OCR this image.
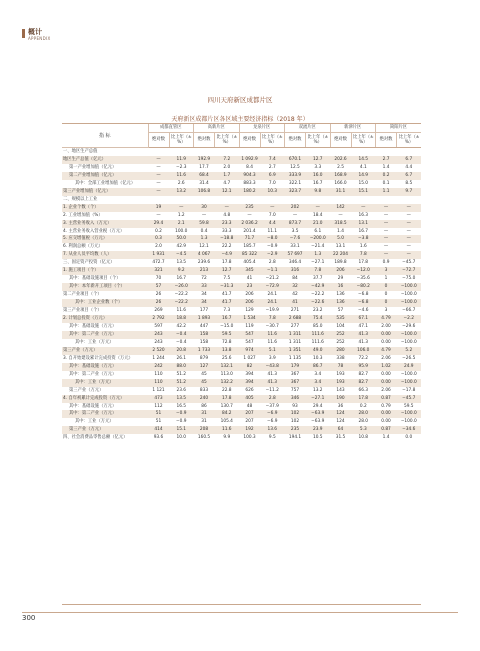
概计
APPENDIX
四川天府新区成都片区
天府新区成都片区各区域主要经济指标（2018 年）
指 标	成都直管区		高新片区		龙泉片区		双流片区		新津片区		简阳片区	
	绝对数	比上年（±%）	绝对数	比上年（±%）	绝对数	比上年（±%）	绝对数	比上年（±%）	绝对数	比上年（±%）	绝对数	比上年（±%）
一、地区生产总值												
地区生产总值（亿元）	—	11.9	192.9	7.2	1 092.9	7.4	670.1	12.7	202.6	14.5	2.7	6.7
第一产业增加值（亿元）	—	−2.3	17.7	2.0	8.4	2.7	12.5	3.3	2.5	4.1	1.4	4.4
第二产业增加值（亿元）	—	11.6	68.4	1.7	904.3	6.9	333.9	16.0	168.9	14.9	0.2	6.7
其中：全部工业增加值（亿元）	—	2.6	31.4	4.7	883.3	7.0	322.1	16.7	166.0	15.0	0.1	8.5
第三产业增加值（亿元）	—	13.2	106.8	12.1	180.2	10.3	323.7	9.8	31.1	15.1	1.1	9.7
二、规模以上工业												
1. 企业个数（个）	19	—	30	—	235	—	202	—	142	—	—	—
2. 工业增加值（%）	—	1.2	—	4.8	—	7.0	—	18.4	—	16.3	—	—
3. 主营业务收入（万元）	29.4	2.1	59.8	23.3	2 036.2	4.4	873.7	21.0	318.5	13.1	—	—
4. 主营业务收入营业税（万元）	0.2	100.0	0.4	33.3	201.4	11.1	3.5	6.1	1.4	16.7	—	—
5. 应交增值税（万元）	0.3	50.0	1.3	−18.8	71.7	−8.0	−7.6	−200.0	5.0	−3.8	—	—
6. 利润总额（万元）	2.0	42.9	12.1	22.2	185.7	−0.9	33.1	−21.4	13.1	1.6	—	—
7. 从业人员平均数（人）	1 931	−4.5	4 067	−4.9	85 322	−2.9	57 697	1.3	22 204	7.8	—	—
三、固定资产投资（亿元）	472.7	13.5	239.6	17.8	405.4	2.8	346.4	−27.1	189.8	17.8	0.9	−45.7
1. 施工项目（个）	321	9.2	213	12.7	345	−1.1	316	7.8	206	−12.0	3	−72.7
其中：基础设施项目（个）	70	16.7	72	7.5	41	−21.2	84	37.7	29	−35.6	1	−75.0
其中：本年新开工项目（个）	57	−26.0	33	−31.3	23	−72.9	32	−42.9	16	−80.2	0	−100.0
第二产业项目（个）	26	−22.2	34	41.7	206	24.1	42	−22.2	136	−6.8	0	−100.0
其中：工业企业数（个）	26	−22.2	34	41.7	206	24.1	41	−22.6	136	−6.8	0	−100.0
第三产业项目（个）	269	11.6	177	7.3	129	−19.9	271	23.2	57	−4.6	3	−66.7
2. 计划总投资（万元）	2 792	18.8	1 893	16.7	1 534	7.8	2 688	75.4	535	67.1	4.79	−2.2
其中：基础设施（万元）	597	42.2	447	−15.0	119	−30.7	277	85.0	104	47.1	2.00	−29.6
其中：第二产业（万元）	243	−0.4	158	59.5	547	11.6	1 311	111.6	252	41.3	0.00	−100.0
其中：工业（万元）	243	−0.4	158	72.8	547	11.6	1 311	111.6	252	41.3	0.00	−100.0
第三产业（万元）	2 520	20.8	1 733	13.8	974	5.1	1 351	49.0	280	106.0	4.79	5.2
3. 自开始建设累计完成投资（万元）	1 244	26.1	879	25.6	1 027	3.9	1 135	10.3	338	72.2	2.06	−26.5
其中：基础设施（万元）	242	88.0	127	132.1	82	−43.8	179	86.7	78	95.9	1.02	24.9
其中：第二产业（万元）	110	51.2	45	113.0	394	41.3	367	3.4	193	82.7	0.00	−100.0
其中：工业（万元）	110	51.2	45	132.2	394	41.3	367	3.4	193	82.7	0.00	−100.0
第三产业（万元）	1 121	23.6	833	22.8	626	−11.2	757	13.2	143	66.3	2.06	−17.8
4. 自年初累计完成投资（万元）	473	13.5	240	17.8	405	2.8	346	−27.1	190	17.8	0.87	−45.7
其中：基础设施（万元）	112	16.5	86	130.7	48	−37.9	93	29.4	36	0.2	0.79	59.5
其中：第二产业（万元）	51	−0.9	31	84.2	207	−6.9	102	−63.9	124	28.0	0.00	−100.0
其中：工业（万元）	51	−0.9	31	105.4	207	−6.9	102	−63.9	124	28.0	0.00	−100.0
第三产业（万元）	414	15.1	208	11.6	192	13.6	235	23.9	64	5.3	0.87	−34.6
四、社会消费品零售总额（亿元）	93.6	10.0	160.5	9.9	100.3	9.5	194.1	10.5	31.5	10.8	1.4	0.0
300
